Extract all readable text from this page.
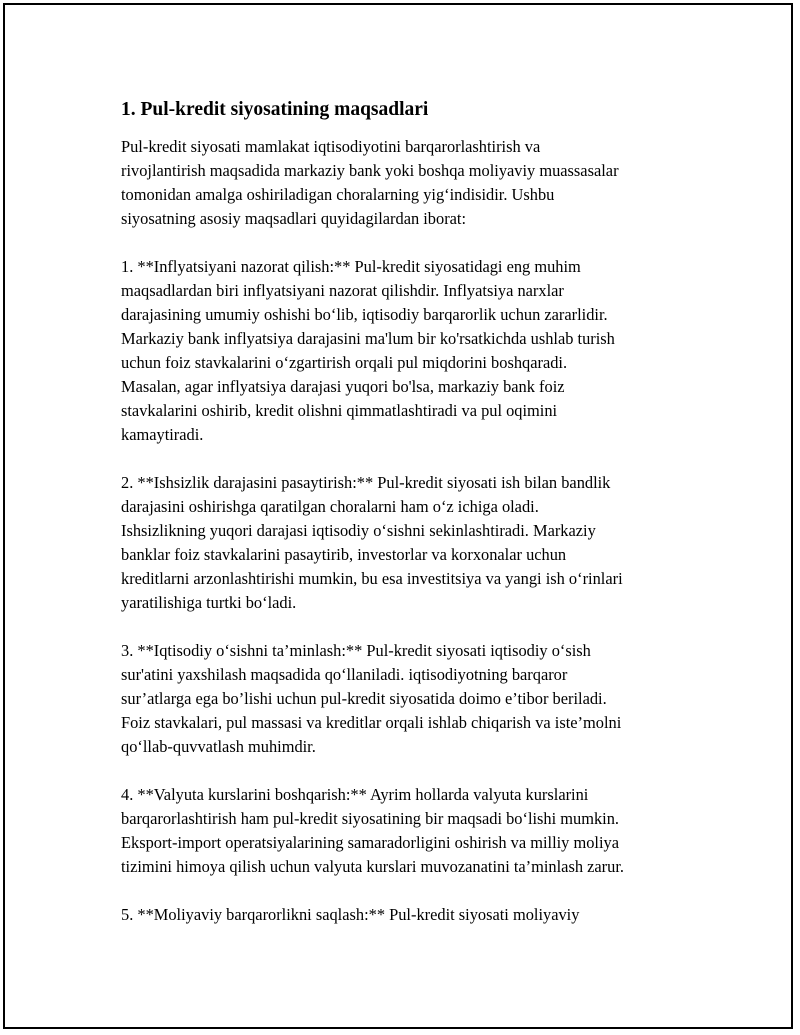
1. Pul-kredit siyosatining maqsadlari

Pul-kredit siyosati mamlakat iqtisodiyotini barqarorlashtirish va
rivojlantirish maqsadida markaziy bank yoki boshqa moliyaviy muassasalar
tomonidan amalga oshiriladigan choralarning yig‘indisidir. Ushbu
siyosatning asosiy maqsadlari quyidagilardan iborat:

1. **Inflyatsiyani nazorat qilish:** Pul-kredit siyosatidagi eng muhim
maqsadlardan biri inflyatsiyani nazorat qilishdir. Inflyatsiya narxlar
darajasining umumiy oshishi bo‘lib, iqtisodiy barqarorlik uchun zararlidir.
Markaziy bank inflyatsiya darajasini ma'lum bir ko'rsatkichda ushlab turish
uchun foiz stavkalarini o‘zgartirish orqali pul miqdorini boshqaradi.
Masalan, agar inflyatsiya darajasi yuqori bo'lsa, markaziy bank foiz
stavkalarini oshirib, kredit olishni qimmatlashtiradi va pul oqimini
kamaytiradi.

2. **Ishsizlik darajasini pasaytirish:** Pul-kredit siyosati ish bilan bandlik
darajasini oshirishga qaratilgan choralarni ham o‘z ichiga oladi.
Ishsizlikning yuqori darajasi iqtisodiy o‘sishni sekinlashtiradi. Markaziy
banklar foiz stavkalarini pasaytirib, investorlar va korxonalar uchun
kreditlarni arzonlashtirishi mumkin, bu esa investitsiya va yangi ish o‘rinlari
yaratilishiga turtki bo‘ladi.

3. **Iqtisodiy o‘sishni ta’minlash:** Pul-kredit siyosati iqtisodiy o‘sish
sur'atini yaxshilash maqsadida qo‘llaniladi. iqtisodiyotning barqaror
sur’atlarga ega bo’lishi uchun pul-kredit siyosatida doimo e’tibor beriladi.
Foiz stavkalari, pul massasi va kreditlar orqali ishlab chiqarish va iste’molni
qo‘llab-quvvatlash muhimdir.

4. **Valyuta kurslarini boshqarish:** Ayrim hollarda valyuta kurslarini
barqarorlashtirish ham pul-kredit siyosatining bir maqsadi bo‘lishi mumkin.
Eksport-import operatsiyalarining samaradorligini oshirish va milliy moliya
tizimini himoya qilish uchun valyuta kurslari muvozanatini ta’minlash zarur.

5. **Moliyaviy barqarorlikni saqlash:** Pul-kredit siyosati moliyaviy
